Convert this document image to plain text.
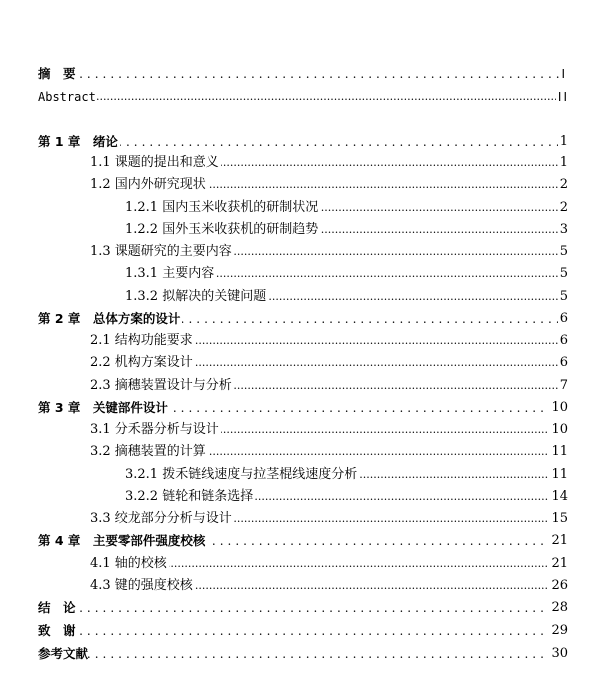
.....
摘　要	Ⅰ
.....
Abstract	ⅠⅠ
.....
第 1 章　绪论	1
.....
1.1 课题的提出和意义	1
.....
1.2 国内外研究现状	2
.....
1.2.1 国内玉米收获机的研制状况	2
.....
1.2.2 国外玉米收获机的研制趋势	3
.....
1.3 课题研究的主要内容	5
.....
1.3.1 主要内容	5
.....
1.3.2 拟解决的关键问题	5
.....
第 2 章　总体方案的设计	6
.....
2.1 结构功能要求	6
.....
2.2 机构方案设计	6
.....
2.3 摘穗装置设计与分析	7
.....
第 3 章　关键部件设计	10
.....
3.1 分禾器分析与设计	10
.....
3.2 摘穗装置的计算	11
.....
3.2.1 拨禾链线速度与拉茎棍线速度分析	11
.....
3.2.2 链轮和链条选择	14
.....
3.3 绞龙部分分析与设计	15
.....
第 4 章　主要零部件强度校核	21
.....
4.1 轴的校核	21
.....
4.3 键的强度校核	26
.....
结　论	28
.....
致　谢	29
.....
参考文献	30
